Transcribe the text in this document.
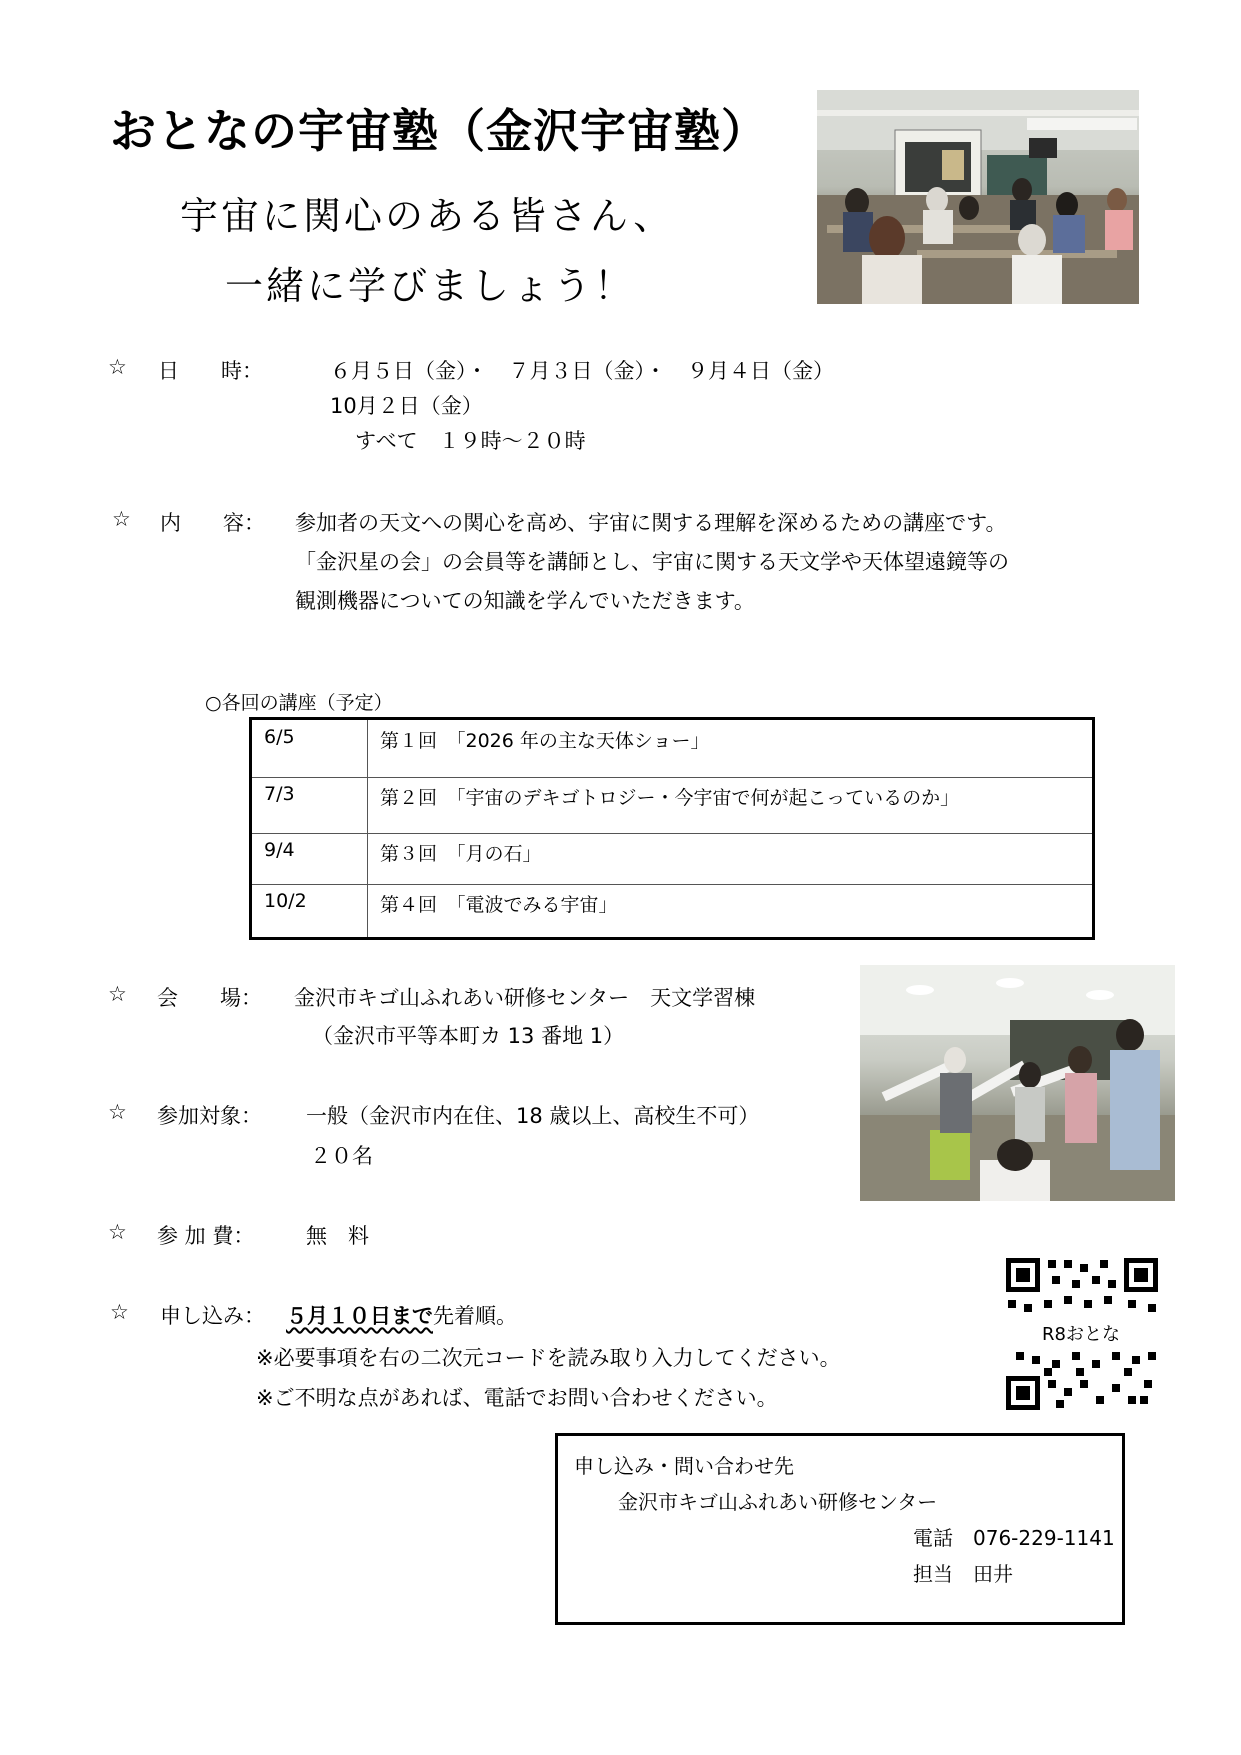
おとなの宇宙塾（金沢宇宙塾）
宇宙に関心のある皆さん、
一緒に学びましょう！
☆ 日　　時：	６月５日（金）・　７月３日（金）・　９月４日（金）
10月２日（金）
すべて　１９時～２０時
☆ 内　　容： 参加者の天文への関心を高め、宇宙に関する理解を深めるための講座です。
「金沢星の会」の会員等を講師とし、宇宙に関する天文学や天体望遠鏡等の
観測機器についての知識を学んでいただきます。
○各回の講座（予定）
6/5	第１回　「2026 年の主な天体ショー」
7/3	第２回　「宇宙のデキゴトロジー・今宇宙で何が起こっているのか」
9/4	第３回　「月の石」
10/2	第４回　「電波でみる宇宙」
☆ 会　　場： 金沢市キゴ山ふれあい研修センター　天文学習棟
（金沢市平等本町カ 13 番地 1）
☆ 参加対象： 一般（金沢市内在住、18 歳以上、高校生不可）
２０名
☆ 参 加 費： 無　料
☆ 申し込み： ５月１０日まで先着順。
※必要事項を右の二次元コードを読み取り入力してください。
※ご不明な点があれば、電話でお問い合わせください。
R8おとな
申し込み・問い合わせ先
金沢市キゴ山ふれあい研修センター
電話　076-229-1141
担当　田井
